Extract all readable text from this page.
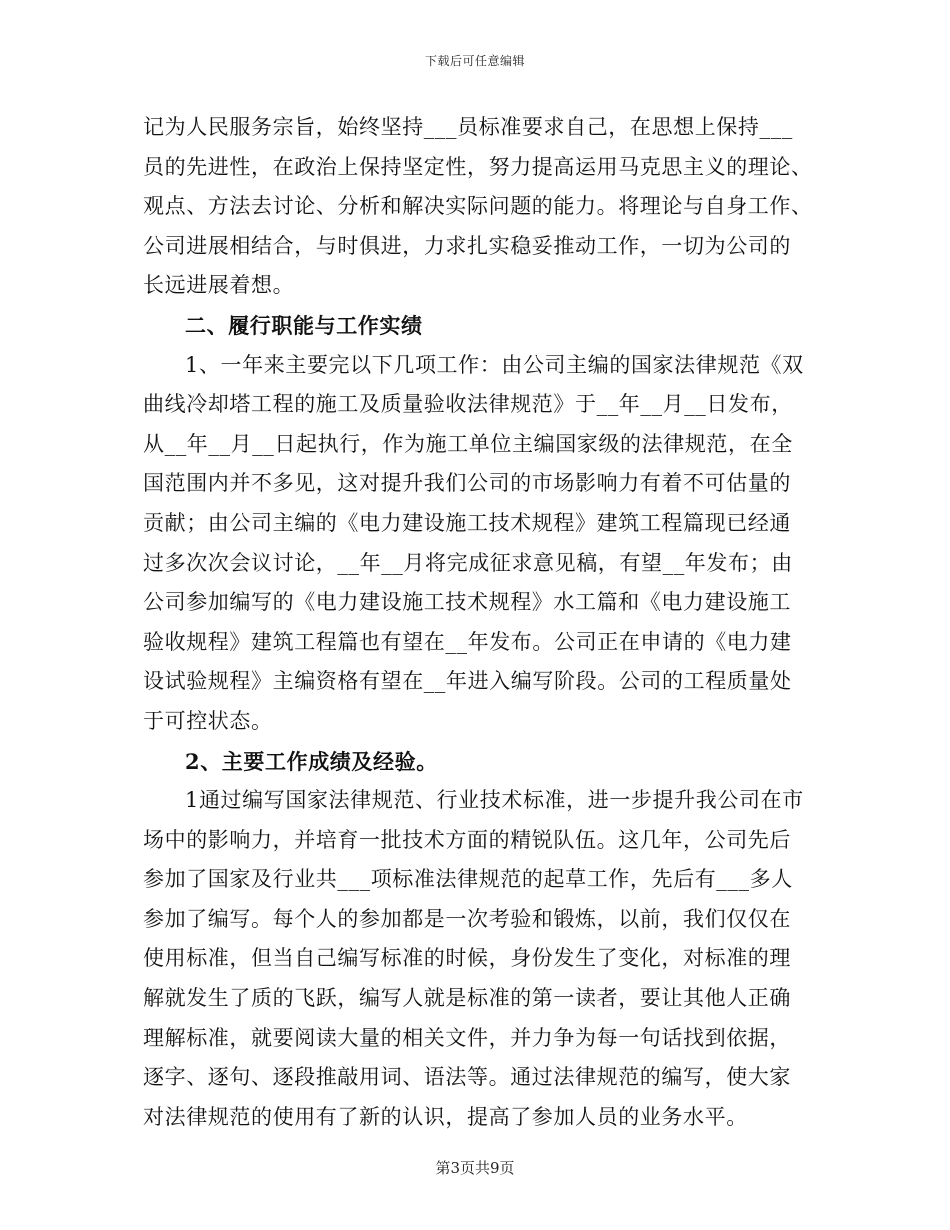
下载后可任意编辑
记为人民服务宗旨，始终坚持___员标准要求自己，在思想上保持___
员的先进性，在政治上保持坚定性，努力提高运用马克思主义的理论、
观点、方法去讨论、分析和解决实际问题的能力。将理论与自身工作、
公司进展相结合，与时俱进，力求扎实稳妥推动工作，一切为公司的
长远进展着想。
二、履行职能与工作实绩
1、一年来主要完以下几项工作：由公司主编的国家法律规范《双
曲线冷却塔工程的施工及质量验收法律规范》于__年__月__日发布，
从__年__月__日起执行，作为施工单位主编国家级的法律规范，在全
国范围内并不多见，这对提升我们公司的市场影响力有着不可估量的
贡献；由公司主编的《电力建设施工技术规程》建筑工程篇现已经通
过多次次会议讨论，__年__月将完成征求意见稿，有望__年发布；由
公司参加编写的《电力建设施工技术规程》水工篇和《电力建设施工
验收规程》建筑工程篇也有望在__年发布。公司正在申请的《电力建
设试验规程》主编资格有望在__年进入编写阶段。公司的工程质量处
于可控状态。
2、主要工作成绩及经验。
1通过编写国家法律规范、行业技术标准，进一步提升我公司在市
场中的影响力，并培育一批技术方面的精锐队伍。这几年，公司先后
参加了国家及行业共___项标准法律规范的起草工作，先后有___多人
参加了编写。每个人的参加都是一次考验和锻炼，以前，我们仅仅在
使用标准，但当自己编写标准的时候，身份发生了变化，对标准的理
解就发生了质的飞跃，编写人就是标准的第一读者，要让其他人正确
理解标准，就要阅读大量的相关文件，并力争为每一句话找到依据，
逐字、逐句、逐段推敲用词、语法等。通过法律规范的编写，使大家
对法律规范的使用有了新的认识，提高了参加人员的业务水平。
第3页共9页
